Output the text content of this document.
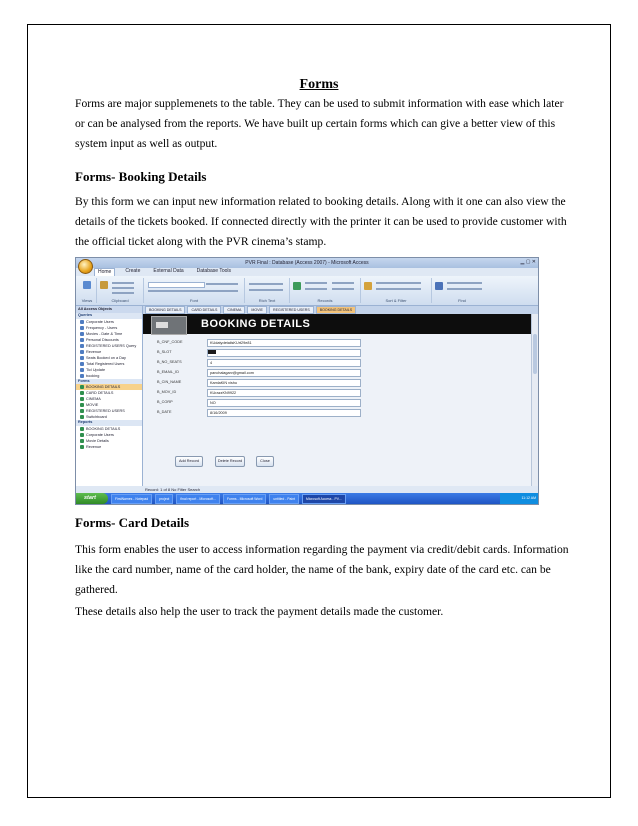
Forms

Forms are major supplemenets to the table. They can be used to submit information with ease which later or can be analysed from the reports. We have built up certain forms which can give a better view of this system input as well as output.

Forms- Booking Details

By this form we can input new information related to booking details. Along with it one can also view the details of the tickets booked. If connected directly with the printer it can be used to provide customer with the official ticket along with the PVR cinema’s stamp.

PVR Final : Database (Access 2007) - Microsoft Access	▁ ▢ ✕
Home	Create	External Data	Database Tools
Views	Clipboard	Font	Rich Text	Records	Sort & Filter	Find
BOOKING DETAILS	CARD DETAILS	CINEMA	MOVIE	REGISTERED USERS	BOOKING DETAILS
All Access Objects
Queries
Corporate Users
Frequency - Users
Movies - Date & Time
Personal Discounts
REGISTERED USERS Query
Revenue
Seats Booked on a Day
Total Registered Users
Ticl Update
booking
Forms
BOOKING DETAILS
CARD DETAILS
CINEMA
MOVIE
REGISTERED USERS
Switchboard
Reports
BOOKING DETAILS
Corporate Users
Movie Details
Revenue
BOOKING DETAILS
B_CNF_CODE	KUdatydetailsKUrt29e81
B_SLOT
B_NO_SEATS	4
B_EMAIL_ID	panchalagarv@gmail.com
B_CIN_NAME	KamlaKIN vishu
B_MOV_ID	KUrazzKN9922
B_CORP	NO
B_DATE	8/16/2009
Add Record	Delete Record	Close
Record: 1 of 8 No Filter Search
start	FirstNames - Notepad	project	final report - Microsoft...	Forms - Microsoft Word	untitled - Paint	Microsoft Access - PV...	11:12 AM
Forms- Card Details

This form enables the user to access information regarding the payment via credit/debit cards. Information like the card number, name of the card holder, the name of the bank, expiry date of the card etc. can be gathered.

These details also help the user to track the payment details made the customer.
